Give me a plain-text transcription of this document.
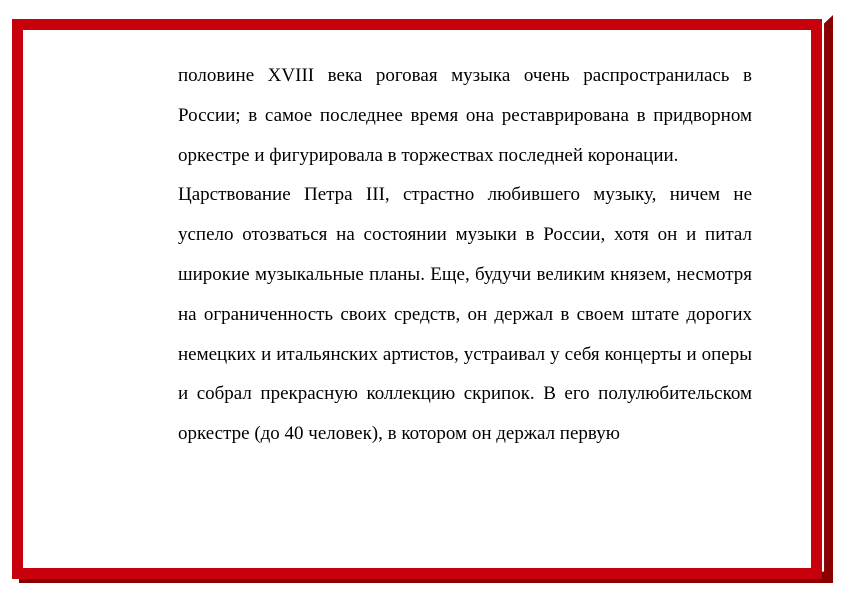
половине XVIII века роговая музыка очень распространилась в России; в самое последнее время она реставрирована в придворном оркестре и фигурировала в торжествах последней коронации.

Царствование Петра III, страстно любившего музыку, ничем не успело отозваться на состоянии музыки в России, хотя он и питал широкие музыкальные планы. Еще, будучи великим князем, несмотря на ограниченность своих средств, он держал в своем штате дорогих немецких и итальянских артистов, устраивал у себя концерты и оперы и собрал прекрасную коллекцию скрипок. В его полулюбительском оркестре (до 40 человек), в котором он держал первую
